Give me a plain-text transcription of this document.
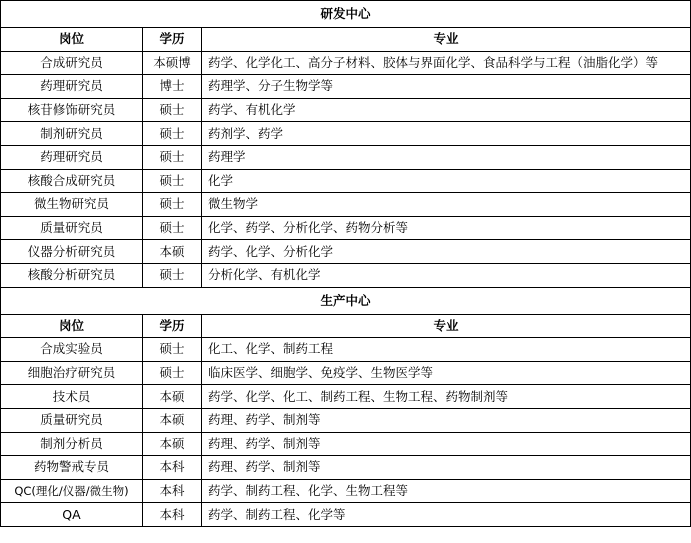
研发中心		
岗位	学历	专业
合成研究员	本硕博	药学、化学化工、高分子材料、胶体与界面化学、食品科学与工程（油脂化学）等
药理研究员	博士	药理学、分子生物学等
核苷修饰研究员	硕士	药学、有机化学
制剂研究员	硕士	药剂学、药学
药理研究员	硕士	药理学
核酸合成研究员	硕士	化学
微生物研究员	硕士	微生物学
质量研究员	硕士	化学、药学、分析化学、药物分析等
仪器分析研究员	本硕	药学、化学、分析化学
核酸分析研究员	硕士	分析化学、有机化学
生产中心		
岗位	学历	专业
合成实验员	硕士	化工、化学、制药工程
细胞治疗研究员	硕士	临床医学、细胞学、免疫学、生物医学等
技术员	本硕	药学、化学、化工、制药工程、生物工程、药物制剂等
质量研究员	本硕	药理、药学、制剂等
制剂分析员	本硕	药理、药学、制剂等
药物警戒专员	本科	药理、药学、制剂等
QC(理化/仪器/微生物)	本科	药学、制药工程、化学、生物工程等
QA	本科	药学、制药工程、化学等
